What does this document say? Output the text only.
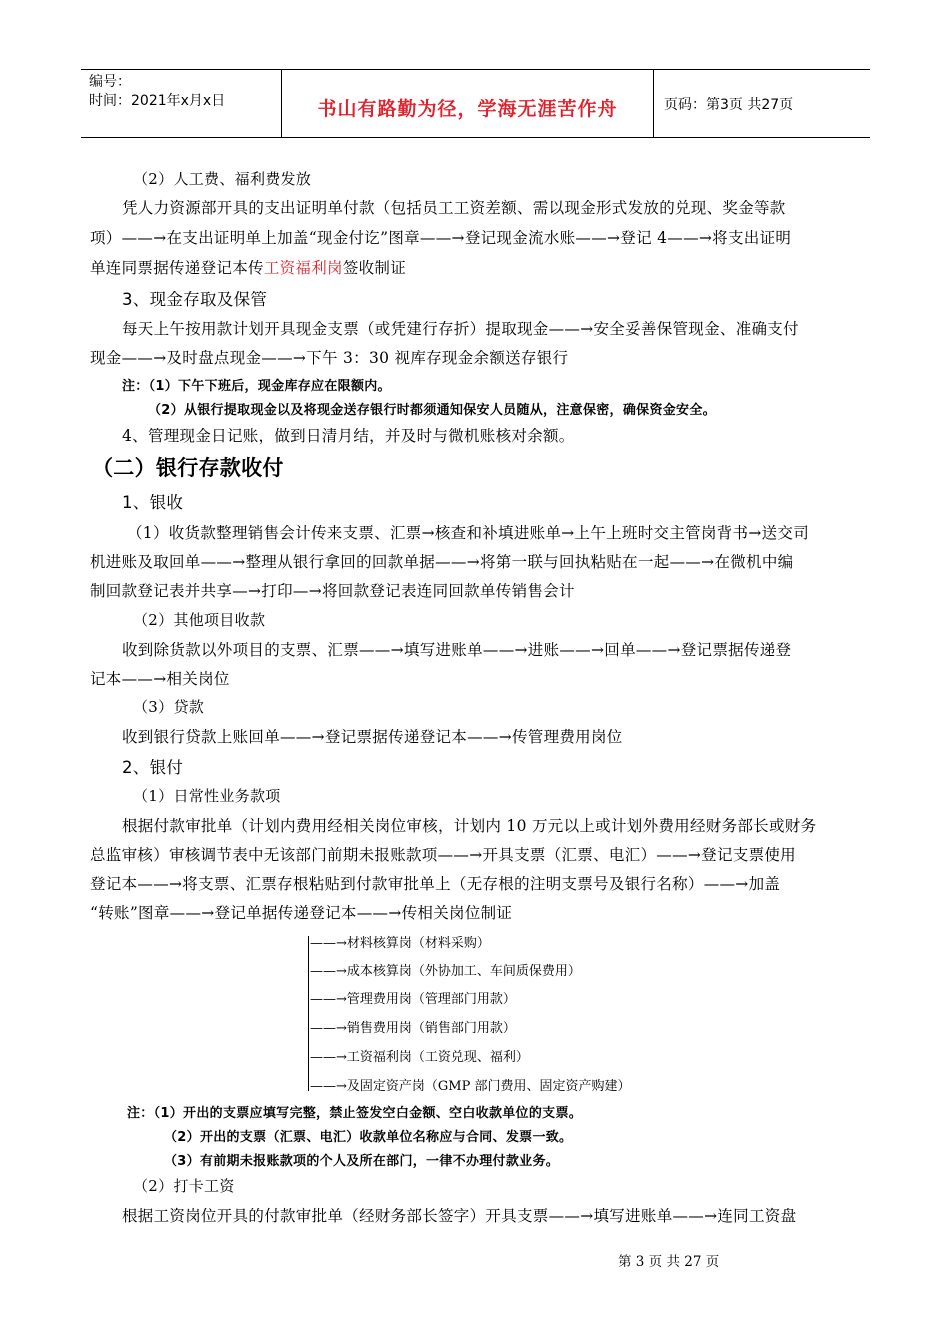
编号：
时间：2021年x月x日	书山有路勤为径，学海无涯苦作舟	页码：第3页 共27页
（2）人工费、福利费发放
凭人力资源部开具的支出证明单付款（包括员工工资差额、需以现金形式发放的兑现、奖金等款
项）——→在支出证明单上加盖“现金付讫”图章——→登记现金流水账——→登记 4——→将支出证明
单连同票据传递登记本传工资福利岗签收制证
3、现金存取及保管
每天上午按用款计划开具现金支票（或凭建行存折）提取现金——→安全妥善保管现金、准确支付
现金——→及时盘点现金——→下午 3：30 视库存现金余额送存银行
注：（1）下午下班后，现金库存应在限额内。
（2）从银行提取现金以及将现金送存银行时都须通知保安人员随从，注意保密，确保资金安全。
4、管理现金日记账，做到日清月结，并及时与微机账核对余额。
（二）银行存款收付
1、银收
（1）收货款整理销售会计传来支票、汇票→核查和补填进账单→上午上班时交主管岗背书→送交司
机进账及取回单——→整理从银行拿回的回款单据——→将第一联与回执粘贴在一起——→在微机中编
制回款登记表并共享—→打印—→将回款登记表连同回款单传销售会计
（2）其他项目收款
收到除货款以外项目的支票、汇票——→填写进账单——→进账——→回单——→登记票据传递登
记本——→相关岗位
（3）贷款
收到银行贷款上账回单——→登记票据传递登记本——→传管理费用岗位
2、银付
（1）日常性业务款项
根据付款审批单（计划内费用经相关岗位审核，计划内 10 万元以上或计划外费用经财务部长或财务
总监审核）审核调节表中无该部门前期未报账款项——→开具支票（汇票、电汇）——→登记支票使用
登记本——→将支票、汇票存根粘贴到付款审批单上（无存根的注明支票号及银行名称）——→加盖
“转账”图章——→登记单据传递登记本——→传相关岗位制证
——→材料核算岗（材料采购）
——→成本核算岗（外协加工、车间质保费用）
——→管理费用岗（管理部门用款）
——→销售费用岗（销售部门用款）
——→工资福利岗（工资兑现、福利）
——→及固定资产岗（GMP 部门费用、固定资产购建）
注：（1）开出的支票应填写完整，禁止签发空白金额、空白收款单位的支票。
（2）开出的支票（汇票、电汇）收款单位名称应与合同、发票一致。
（3）有前期未报账款项的个人及所在部门，一律不办理付款业务。
（2）打卡工资
根据工资岗位开具的付款审批单（经财务部长签字）开具支票——→填写进账单——→连同工资盘
第 3 页 共 27 页
